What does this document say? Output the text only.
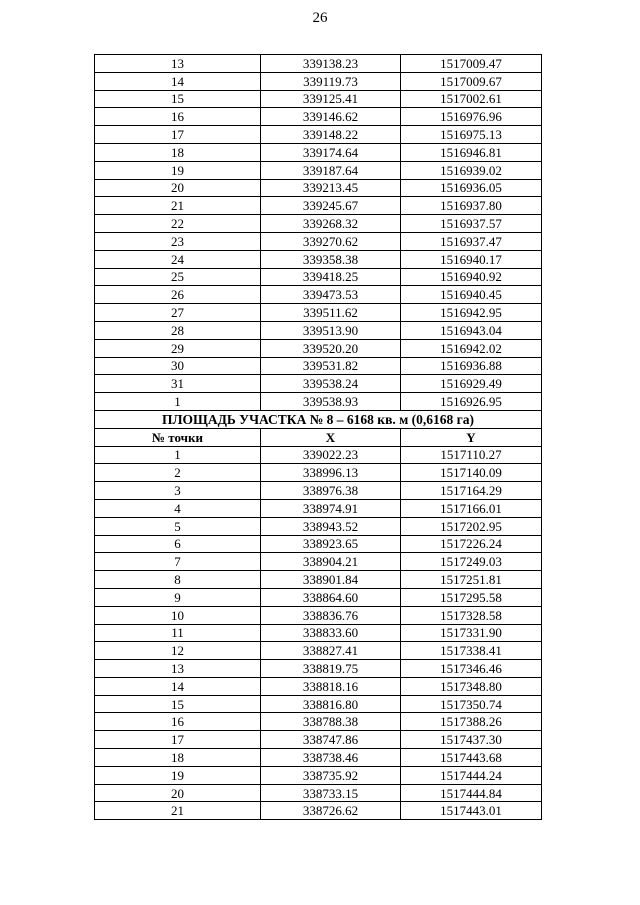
26
13	339138.23	1517009.47
14	339119.73	1517009.67
15	339125.41	1517002.61
16	339146.62	1516976.96
17	339148.22	1516975.13
18	339174.64	1516946.81
19	339187.64	1516939.02
20	339213.45	1516936.05
21	339245.67	1516937.80
22	339268.32	1516937.57
23	339270.62	1516937.47
24	339358.38	1516940.17
25	339418.25	1516940.92
26	339473.53	1516940.45
27	339511.62	1516942.95
28	339513.90	1516943.04
29	339520.20	1516942.02
30	339531.82	1516936.88
31	339538.24	1516929.49
1	339538.93	1516926.95
ПЛОЩАДЬ УЧАСТКА № 8 – 6168 кв. м (0,6168 га)		
№ точки	X	Y
1	339022.23	1517110.27
2	338996.13	1517140.09
3	338976.38	1517164.29
4	338974.91	1517166.01
5	338943.52	1517202.95
6	338923.65	1517226.24
7	338904.21	1517249.03
8	338901.84	1517251.81
9	338864.60	1517295.58
10	338836.76	1517328.58
11	338833.60	1517331.90
12	338827.41	1517338.41
13	338819.75	1517346.46
14	338818.16	1517348.80
15	338816.80	1517350.74
16	338788.38	1517388.26
17	338747.86	1517437.30
18	338738.46	1517443.68
19	338735.92	1517444.24
20	338733.15	1517444.84
21	338726.62	1517443.01
